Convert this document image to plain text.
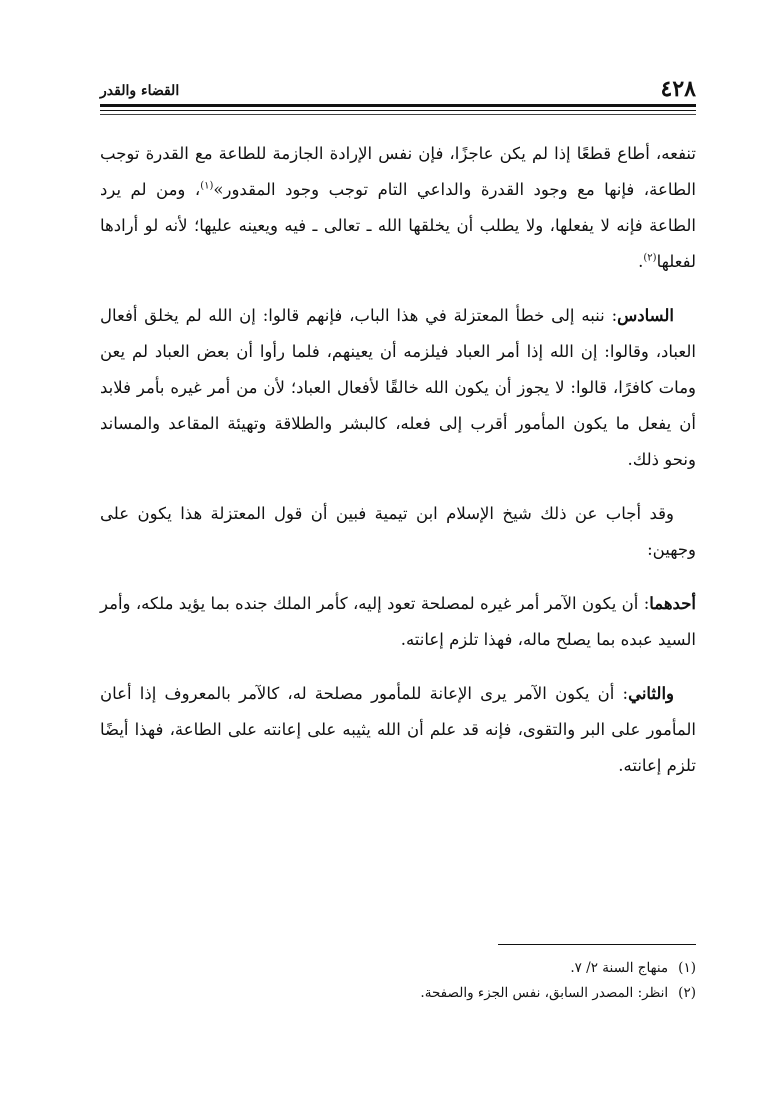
٤٢٨
القضاء والقدر

تنفعه، أطاع قطعًا إذا لم يكن عاجزًا، فإن نفس الإرادة الجازمة للطاعة مع القدرة توجب الطاعة، فإنها مع وجود القدرة والداعي التام توجب وجود المقدور»$^{(١)}$، ومن لم يرد الطاعة فإنه لا يفعلها، ولا يطلب أن يخلقها الله ـ تعالى ـ فيه ويعينه عليها؛ لأنه لو أرادها لفعلها$^{(٢)}$.

السادس: ننبه إلى خطأ المعتزلة في هذا الباب، فإنهم قالوا: إن الله لم يخلق أفعال العباد، وقالوا: إن الله إذا أمر العباد فيلزمه أن يعينهم، فلما رأوا أن بعض العباد لم يعن ومات كافرًا، قالوا: لا يجوز أن يكون الله خالقًا لأفعال العباد؛ لأن من أمر غيره بأمر فلابد أن يفعل ما يكون المأمور أقرب إلى فعله، كالبشر والطلاقة وتهيئة المقاعد والمساند ونحو ذلك.

وقد أجاب عن ذلك شيخ الإسلام ابن تيمية فبين أن قول المعتزلة هذا يكون على وجهين:

أحدهما: أن يكون الآمر أمر غيره لمصلحة تعود إليه، كأمر الملك جنده بما يؤيد ملكه، وأمر السيد عبده بما يصلح ماله، فهذا تلزم إعانته.

والثاني: أن يكون الآمر يرى الإعانة للمأمور مصلحة له، كالآمر بالمعروف إذا أعان المأمور على البر والتقوى، فإنه قد علم أن الله يثيبه على إعانته على الطاعة، فهذا أيضًا تلزم إعانته.

(١)منهاج السنة ٢/ ٧.

(٢)انظر: المصدر السابق، نفس الجزء والصفحة.
